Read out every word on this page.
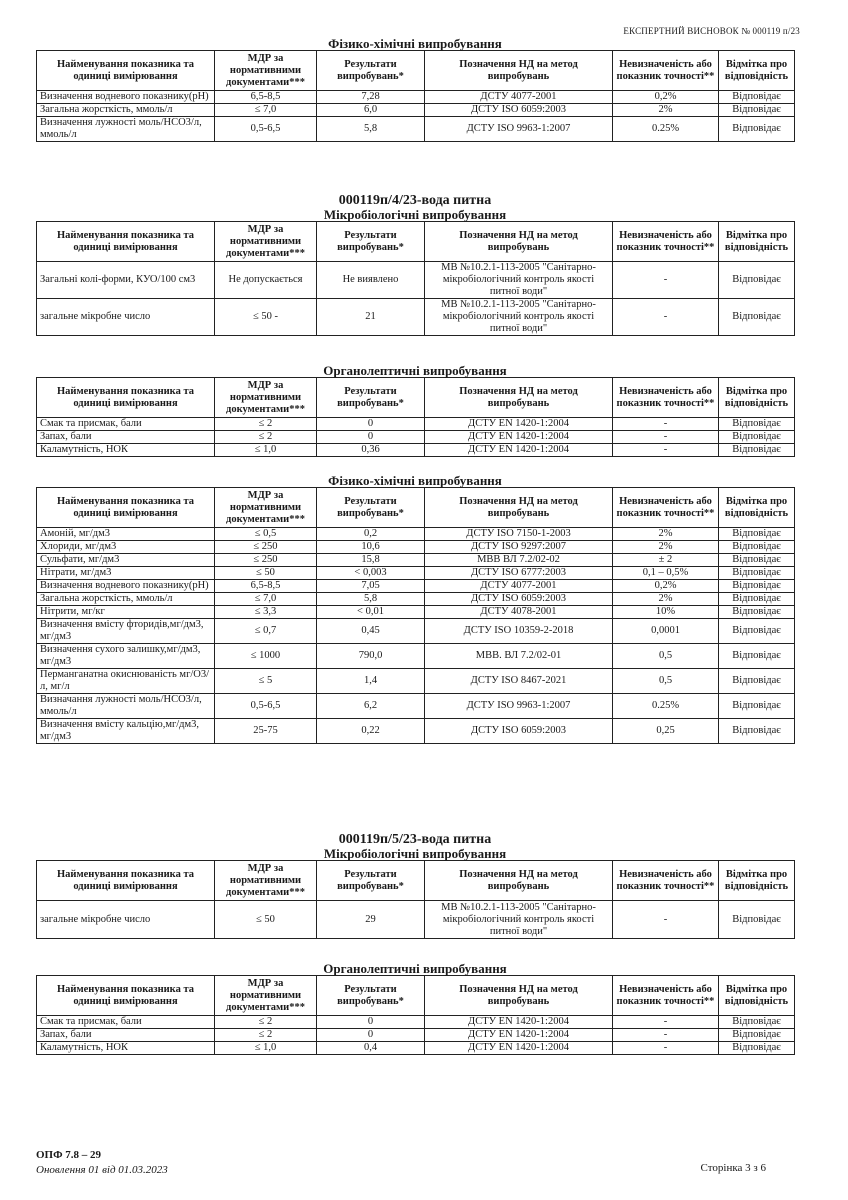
ЕКСПЕРТНИЙ ВИСНОВОК № 000119 п/23
Фізико-хімічні випробування
Найменування показника та одиниці вимірювання	МДР за нормативними документами***	Результати випробувань*	Позначення НД на метод випробувань	Невизначеність або показник точності**	Відмітка про відповідність
Визначення водневого показнику(рН)	6,5-8,5	7,28	ДСТУ 4077-2001	0,2%	Відповідає
Загальна жорсткість, ммоль/л	≤ 7,0	6,0	ДСТУ ISO 6059:2003	2%	Відповідає
Визначення лужності моль/НСО3/л, ммоль/л	0,5-6,5	5,8	ДСТУ ISO 9963-1:2007	0.25%	Відповідає
000119п/4/23-вода питна
Мікробіологічні випробування
Найменування показника та одиниці вимірювання	МДР за нормативними документами***	Результати випробувань*	Позначення НД на метод випробувань	Невизначеність або показник точності**	Відмітка про відповідність
Загальні колі-форми, КУО/100 см3	Не допускається	Не виявлено	МВ №10.2.1-113-2005 "Санітарно-мікробіологічний контроль якості питної води"	-	Відповідає
загальне мікробне число	≤ 50 -	21	МВ №10.2.1-113-2005 "Санітарно-мікробіологічний контроль якості питної води"	-	Відповідає
Органолептичні випробування
Найменування показника та одиниці вимірювання	МДР за нормативними документами***	Результати випробувань*	Позначення НД на метод випробувань	Невизначеність або показник точності**	Відмітка про відповідність
Смак та присмак, бали	≤ 2	0	ДСТУ EN 1420-1:2004	-	Відповідає
Запах, бали	≤ 2	0	ДСТУ EN 1420-1:2004	-	Відповідає
Каламутність, НОК	≤ 1,0	0,36	ДСТУ EN 1420-1:2004	-	Відповідає
Фізико-хімічні випробування
Найменування показника та одиниці вимірювання	МДР за нормативними документами***	Результати випробувань*	Позначення НД на метод випробувань	Невизначеність або показник точності**	Відмітка про відповідність
Амоній, мг/дм3	≤ 0,5	0,2	ДСТУ ISO 7150-1-2003	2%	Відповідає
Хлориди, мг/дм3	≤ 250	10,6	ДСТУ ISO 9297:2007	2%	Відповідає
Сульфати, мг/дм3	≤ 250	15,8	МВВ ВЛ 7.2/02-02	± 2	Відповідає
Нітрати, мг/дм3	≤ 50	< 0,003	ДСТУ ISO 6777:2003	0,1 – 0,5%	Відповідає
Визначення водневого показнику(рН)	6,5-8,5	7,05	ДСТУ 4077-2001	0,2%	Відповідає
Загальна жорсткість, ммоль/л	≤ 7,0	5,8	ДСТУ ISO 6059:2003	2%	Відповідає
Нітрити, мг/кг	≤ 3,3	< 0,01	ДСТУ 4078-2001	10%	Відповідає
Визначення вмісту фторидів,мг/дм3, мг/дм3	≤ 0,7	0,45	ДСТУ ISO 10359-2-2018	0,0001	Відповідає
Визначення сухого залишку,мг/дм3, мг/дм3	≤ 1000	790,0	МВВ. ВЛ 7.2/02-01	0,5	Відповідає
Перманганатна окиснюваність мг/О3/л, мг/л	≤ 5	1,4	ДСТУ ISO 8467-2021	0,5	Відповідає
Визначання лужності моль/НСО3/л, ммоль/л	0,5-6,5	6,2	ДСТУ ISO 9963-1:2007	0.25%	Відповідає
Визначення вмісту кальцію,мг/дм3, мг/дм3	25-75	0,22	ДСТУ ISO 6059:2003	0,25	Відповідає
000119п/5/23-вода питна
Мікробіологічні випробування
Найменування показника та одиниці вимірювання	МДР за нормативними документами***	Результати випробувань*	Позначення НД на метод випробувань	Невизначеність або показник точності**	Відмітка про відповідність
загальне мікробне число	≤ 50	29	МВ №10.2.1-113-2005 "Санітарно-мікробіологічний контроль якості питної води"	-	Відповідає
Органолептичні випробування
Найменування показника та одиниці вимірювання	МДР за нормативними документами***	Результати випробувань*	Позначення НД на метод випробувань	Невизначеність або показник точності**	Відмітка про відповідність
Смак та присмак, бали	≤ 2	0	ДСТУ EN 1420-1:2004	-	Відповідає
Запах, бали	≤ 2	0	ДСТУ EN 1420-1:2004	-	Відповідає
Каламутність, НОК	≤ 1,0	0,4	ДСТУ EN 1420-1:2004	-	Відповідає
ОПФ 7.8 – 29
Оновлення 01 від 01.03.2023	Сторінка 3 з 6
